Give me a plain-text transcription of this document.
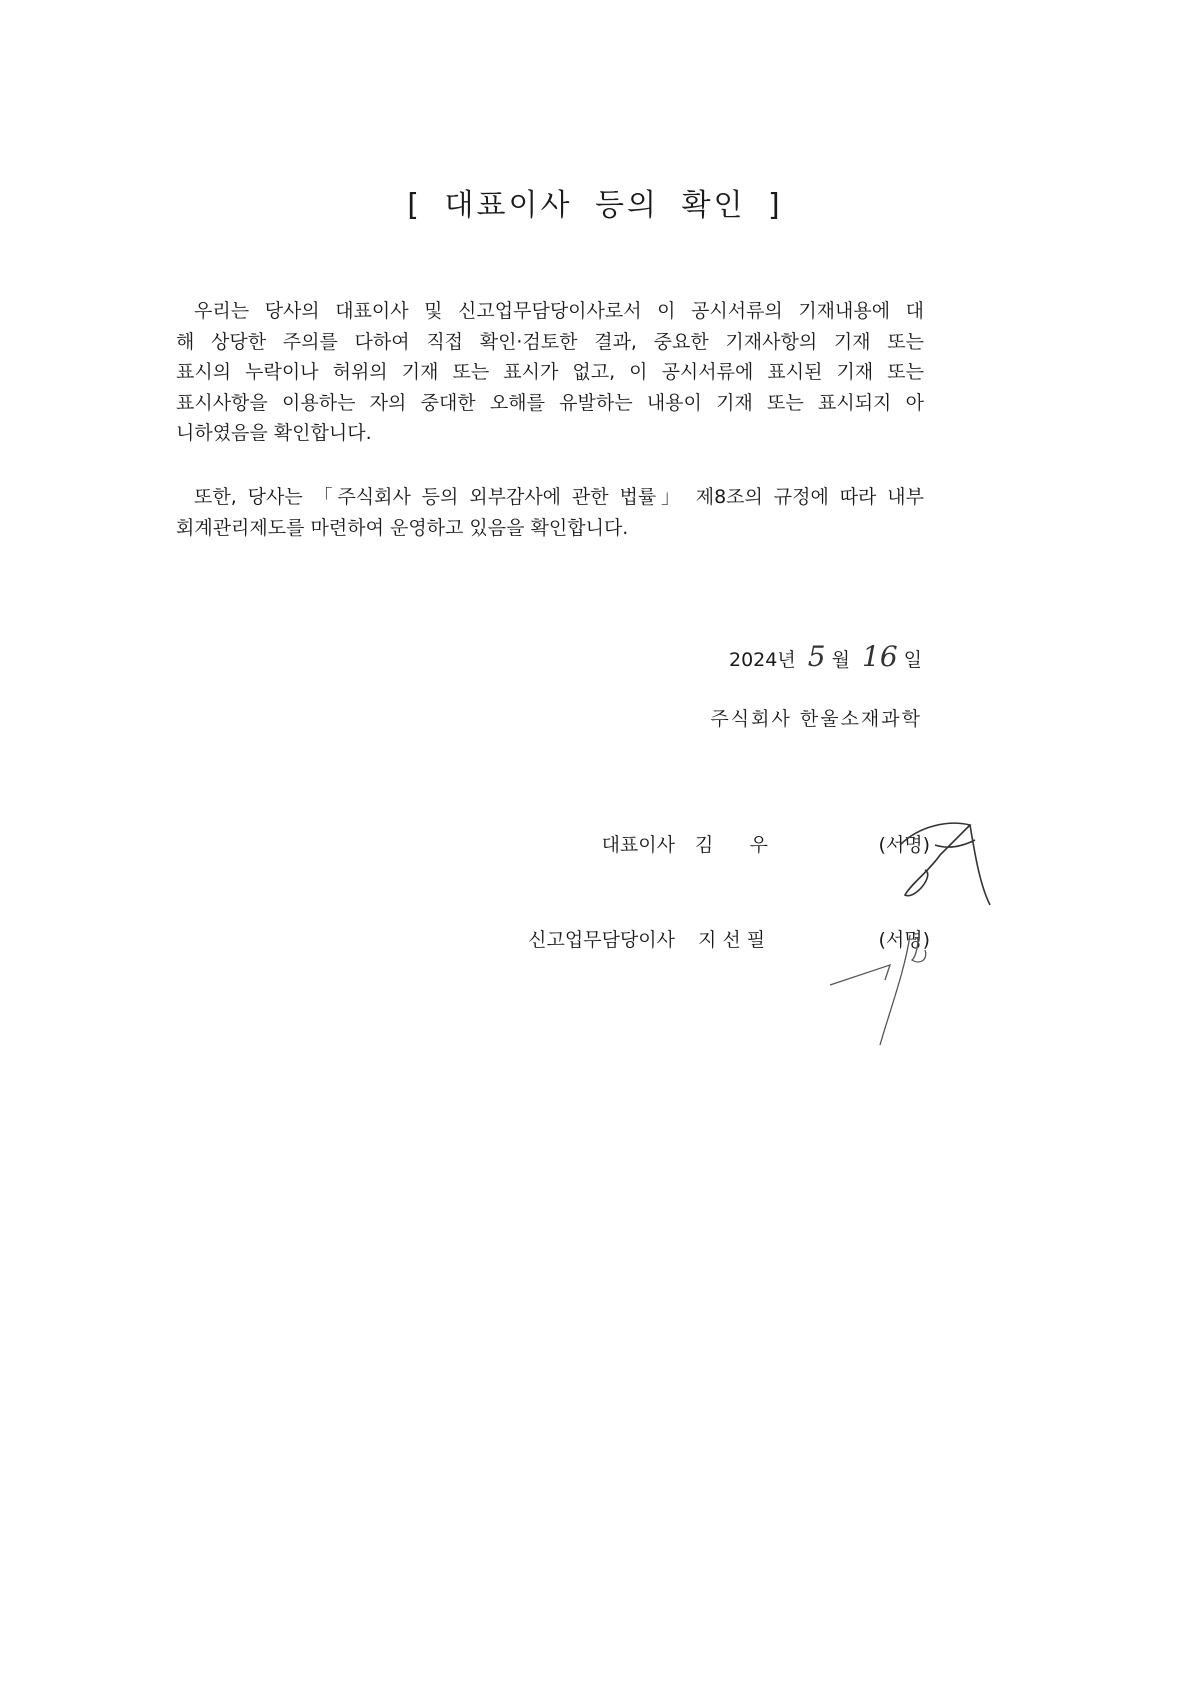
[ 대표이사 등의 확인 ]
우리는 당사의 대표이사 및 신고업무담당이사로서 이 공시서류의 기재내용에 대
해 상당한 주의를 다하여 직접 확인·검토한 결과, 중요한 기재사항의 기재 또는
표시의 누락이나 허위의 기재 또는 표시가 없고, 이 공시서류에 표시된 기재 또는
표시사항을 이용하는 자의 중대한 오해를 유발하는 내용이 기재 또는 표시되지 아
니하였음을 확인합니다.
또한, 당사는 「주식회사 등의 외부감사에 관한 법률」 제8조의 규정에 따라 내부
회계관리제도를 마련하여 운영하고 있음을 확인합니다.
2024년 5 월 16 일
주식회사 한울소재과학
대표이사 김      우	(서명)
신고업무담당이사 지 선 필	(서명)
